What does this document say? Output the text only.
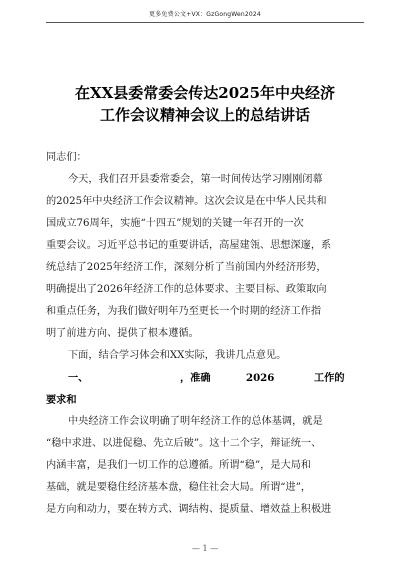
更多免费公文+VX：GzGongWen2024
在XX县委常委会传达2025年中央经济
工作会议精神会议上的总结讲话
同志们：
今天，我们召开县委常委会，第一时间传达学习刚刚闭幕
的2025年中央经济工作会议精神。这次会议是在中华人民共和
国成立76周年，实施“十四五”规划的关键一年召开的一次
重要会议。习近平总书记的重要讲话，高屋建瓴、思想深邃，系
统总结了2025年经济工作，深刻分析了当前国内外经济形势，
明确提出了2026年经济工作的总体要求、主要目标、政策取向
和重点任务，为我们做好明年乃至更长一个时期的经济工作指
明了前进方向、提供了根本遵循。
下面，结合学习体会和XX实际，我讲几点意见。
一、	，准确	2026	工作的
要求和
中央经济工作会议明确了明年经济工作的总体基调，就是
“稳中求进、以进促稳、先立后破”。这十二个字，辩证统一、
内涵丰富，是我们一切工作的总遵循。所谓“稳”，是大局和
基础，就是要稳住经济基本盘，稳住社会大局。所谓“进”，
是方向和动力，要在转方式、调结构、提质量、增效益上积极进
— 1 —
